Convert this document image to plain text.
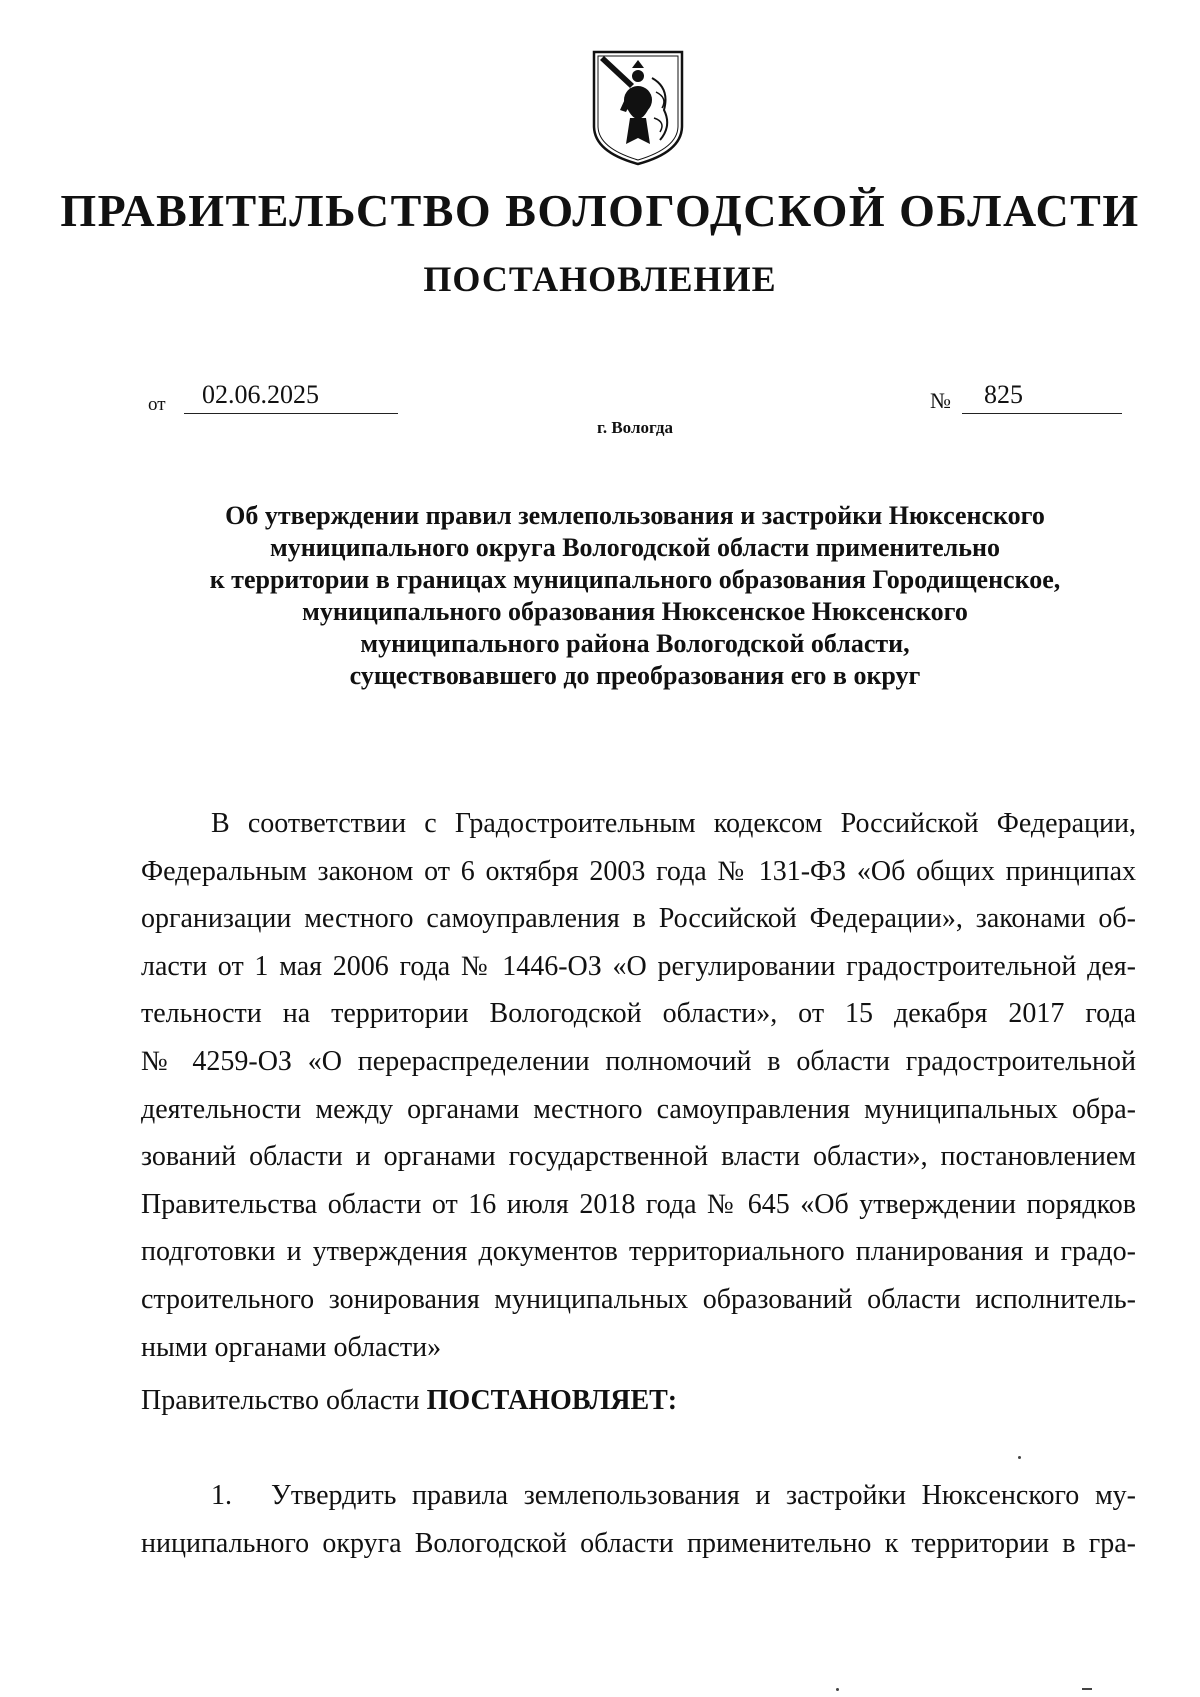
ПРАВИТЕЛЬСТВО ВОЛОГОДСКОЙ ОБЛАСТИ
ПОСТАНОВЛЕНИЕ
от	02.06.2025	№	825
г. Вологда
Об утверждении правил землепользования и застройки Нюксенского
муниципального округа Вологодской области применительно
к территории в границах муниципального образования Городищенское,
муниципального образования Нюксенское Нюксенского
муниципального района Вологодской области,
существовавшего до преобразования его в округ
В соответствии с Градостроительным кодексом Российской Федерации,
Федеральным законом от 6 октября 2003 года № 131-ФЗ «Об общих принципах
организации местного самоуправления в Российской Федерации», законами об-
ласти от 1 мая 2006 года № 1446-ОЗ «О регулировании градостроительной дея-
тельности на территории Вологодской области», от 15 декабря 2017 года
№ 4259-ОЗ «О перераспределении полномочий в области градостроительной
деятельности между органами местного самоуправления муниципальных обра-
зований области и органами государственной власти области», постановлением
Правительства области от 16 июля 2018 года № 645 «Об утверждении порядков
подготовки и утверждения документов территориального планирования и градо-
строительного зонирования муниципальных образований области исполнитель-
ными органами области»
Правительство области ПОСТАНОВЛЯЕТ:
1. Утвердить правила землепользования и застройки Нюксенского му-
ниципального округа Вологодской области применительно к территории в гра-
